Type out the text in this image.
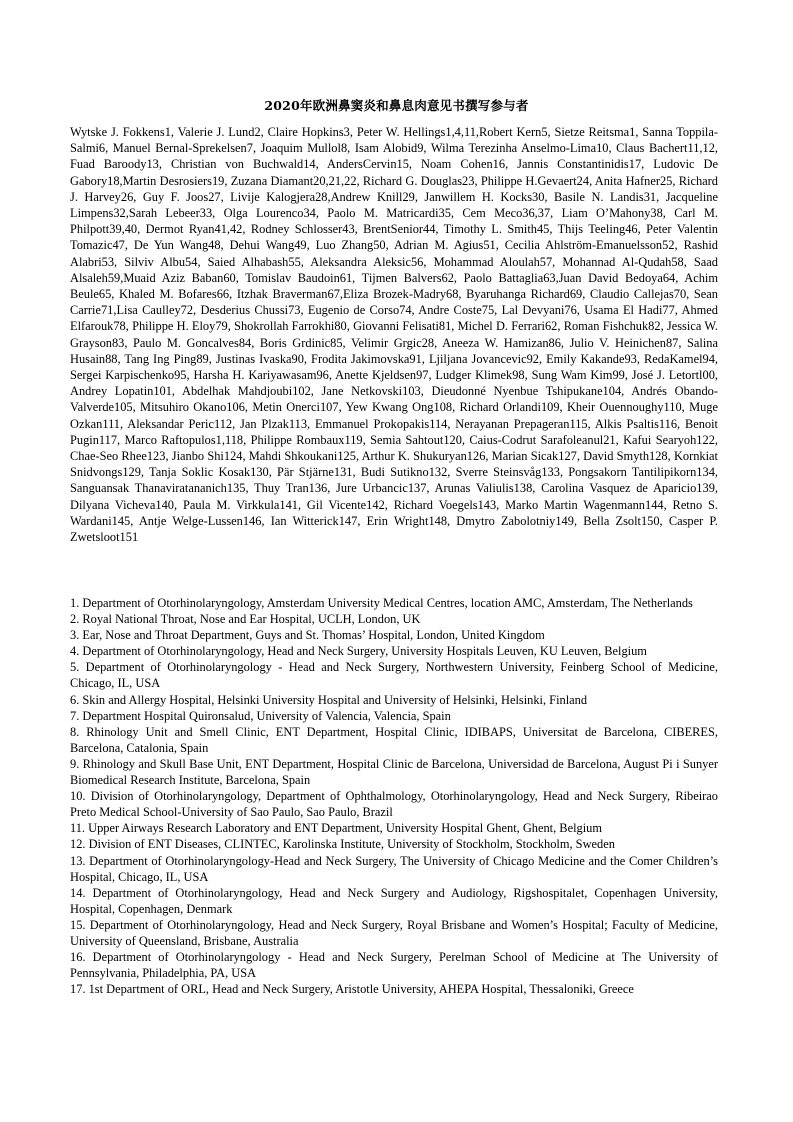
2020年欧洲鼻窦炎和鼻息肉意见书撰写参与者

Wytske J. Fokkens1, Valerie J. Lund2, Claire Hopkins3, Peter W. Hellings1,4,11,Robert Kern5, Sietze Reitsma1, Sanna Toppila-Salmi6, Manuel Bernal-Sprekelsen7, Joaquim Mullol8, Isam Alobid9, Wilma Terezinha Anselmo-Lima10, Claus Bachert11,12, Fuad Baroody13, Christian von Buchwald14, AndersCervin15, Noam Cohen16, Jannis Constantinidis17, Ludovic De Gabory18,Martin Desrosiers19, Zuzana Diamant20,21,22, Richard G. Douglas23, Philippe H.Gevaert24, Anita Hafner25, Richard J. Harvey26, Guy F. Joos27, Livije Kalogjera28,Andrew Knill29, Janwillem H. Kocks30, Basile N. Landis31, Jacqueline Limpens32,Sarah Lebeer33, Olga Lourenco34, Paolo M. Matricardi35, Cem Meco36,37, Liam O’Mahony38, Carl M. Philpott39,40, Dermot Ryan41,42, Rodney Schlosser43, BrentSenior44, Timothy L. Smith45, Thijs Teeling46, Peter Valentin Tomazic47, De Yun Wang48, Dehui Wang49, Luo Zhang50, Adrian M. Agius51, Cecilia Ahlström-Emanuelsson52, Rashid Alabri53, Silviv Albu54, Saied Alhabash55, Aleksandra Aleksic56, Mohammad Aloulah57, Mohannad Al-Qudah58, Saad Alsaleh59,Muaid Aziz Baban60, Tomislav Baudoin61, Tijmen Balvers62, Paolo Battaglia63,Juan David Bedoya64, Achim Beule65, Khaled M. Bofares66, Itzhak Braverman67,Eliza Brozek-Madry68, Byaruhanga Richard69, Claudio Callejas70, Sean Carrie71,Lisa Caulley72, Desderius Chussi73, Eugenio de Corso74, Andre Coste75, Lal Devyani76, Usama El Hadi77, Ahmed Elfarouk78, Philippe H. Eloy79, Shokrollah Farrokhi80, Giovanni Felisati81, Michel D. Ferrari62, Roman Fishchuk82, Jessica W. Grayson83, Paulo M. Goncalves84, Boris Grdinic85, Velimir Grgic28, Aneeza W. Hamizan86, Julio V. Heinichen87, Salina Husain88, Tang Ing Ping89, Justinas Ivaska90, Frodita Jakimovska91, Ljiljana Jovancevic92, Emily Kakande93, RedaKamel94, Sergei Karpischenko95, Harsha H. Kariyawasam96, Anette Kjeldsen97, Ludger Klimek98, Sung Wam Kim99, José J. Letortl00, Andrey Lopatin101, Abdelhak Mahdjoubi102, Jane Netkovski103, Dieudonné Nyenbue Tshipukane104, Andrés Obando-Valverde105, Mitsuhiro Okano106, Metin Onerci107, Yew Kwang Ong108, Richard Orlandi109, Kheir Ouennoughy110, Muge Ozkan111, Aleksandar Peric112, Jan Plzak113, Emmanuel Prokopakis114, Nerayanan Prepageran115, Alkis Psaltis116, Benoit Pugin117, Marco Raftopulos1,118, Philippe Rombaux119, Semia Sahtout120, Caius-Codrut Sarafoleanul21, Kafui Searyoh122, Chae-Seo Rhee123, Jianbo Shi124, Mahdi Shkoukani125, Arthur K. Shukuryan126, Marian Sicak127, David Smyth128, Kornkiat Snidvongs129, Tanja Soklic Kosak130, Pär Stjärne131, Budi Sutikno132, Sverre Steinsvåg133, Pongsakorn Tantilipikorn134, Sanguansak Thanaviratananich135, Thuy Tran136, Jure Urbancic137, Arunas Valiulis138, Carolina Vasquez de Aparicio139, Dilyana Vicheva140, Paula M. Virkkula141, Gil Vicente142, Richard Voegels143, Marko Martin Wagenmann144, Retno S. Wardani145, Antje Welge-Lussen146, Ian Witterick147, Erin Wright148, Dmytro Zabolotniy149, Bella Zsolt150, Casper P. Zwetsloot151

1. Department of Otorhinolaryngology, Amsterdam University Medical Centres, location AMC, Amsterdam, The Netherlands
2. Royal National Throat, Nose and Ear Hospital, UCLH, London, UK
3. Ear, Nose and Throat Department, Guys and St. Thomas’ Hospital, London, United Kingdom
4. Department of Otorhinolaryngology, Head and Neck Surgery, University Hospitals Leuven, KU Leuven, Belgium
5. Department of Otorhinolaryngology - Head and Neck Surgery, Northwestern University, Feinberg School of Medicine, Chicago, IL, USA
6. Skin and Allergy Hospital, Helsinki University Hospital and University of Helsinki, Helsinki, Finland
7. Department Hospital Quironsalud, University of Valencia, Valencia, Spain
8. Rhinology Unit and Smell Clinic, ENT Department, Hospital Clinic, IDIBAPS, Universitat de Barcelona, CIBERES, Barcelona, Catalonia, Spain
9. Rhinology and Skull Base Unit, ENT Department, Hospital Clinic de Barcelona, Universidad de Barcelona, August Pi i Sunyer Biomedical Research Institute, Barcelona, Spain
10. Division of Otorhinolaryngology, Department of Ophthalmology, Otorhinolaryngology, Head and Neck Surgery, Ribeirao Preto Medical School-University of Sao Paulo, Sao Paulo, Brazil
11. Upper Airways Research Laboratory and ENT Department, University Hospital Ghent, Ghent, Belgium
12. Division of ENT Diseases, CLINTEC, Karolinska Institute, University of Stockholm, Stockholm, Sweden
13. Department of Otorhinolaryngology-Head and Neck Surgery, The University of Chicago Medicine and the Comer Children’s Hospital, Chicago, IL, USA
14. Department of Otorhinolaryngology, Head and Neck Surgery and Audiology, Rigshospitalet, Copenhagen University, Hospital, Copenhagen, Denmark
15. Department of Otorhinolaryngology, Head and Neck Surgery, Royal Brisbane and Women’s Hospital; Faculty of Medicine, University of Queensland, Brisbane, Australia
16. Department of Otorhinolaryngology - Head and Neck Surgery, Perelman School of Medicine at The University of Pennsylvania, Philadelphia, PA, USA
17. 1st Department of ORL, Head and Neck Surgery, Aristotle University, AHEPA Hospital, Thessaloniki, Greece
